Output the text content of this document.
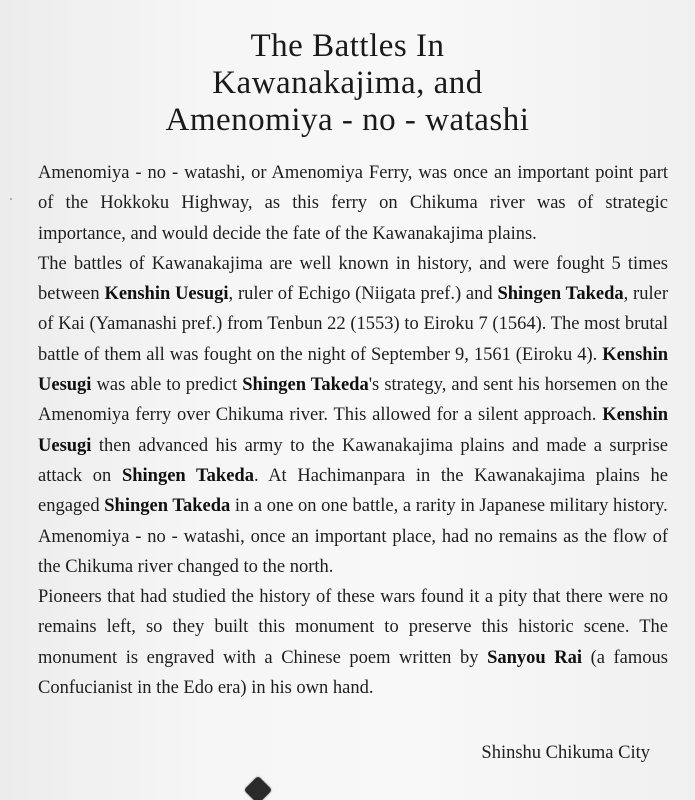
The Battles In
Kawanakajima, and
Amenomiya - no - watashi

Amenomiya - no - watashi, or Amenomiya Ferry, was once an important point part of the Hokkoku Highway, as this ferry on Chikuma river was of strategic importance, and would decide the fate of the Kawanakajima plains.

The battles of Kawanakajima are well known in history, and were fought 5 times between Kenshin Uesugi, ruler of Echigo (Niigata pref.) and Shingen Takeda, ruler of Kai (Yamanashi pref.) from Tenbun 22 (1553) to Eiroku 7 (1564). The most brutal battle of them all was fought on the night of September 9, 1561 (Eiroku 4). Kenshin Uesugi was able to predict Shingen Takeda's strategy, and sent his horsemen on the Amenomiya ferry over Chikuma river. This allowed for a silent approach. Kenshin Uesugi then advanced his army to the Kawanakajima plains and made a surprise attack on Shingen Takeda. At Hachimanpara in the Kawanakajima plains he engaged Shingen Takeda in a one on one battle, a rarity in Japanese military history.

Amenomiya - no - watashi, once an important place, had no remains as the flow of the Chikuma river changed to the north.

Pioneers that had studied the history of these wars found it a pity that there were no remains left, so they built this monument to preserve this historic scene. The monument is engraved with a Chinese poem written by Sanyou Rai (a famous Confucianist in the Edo era) in his own hand.

Shinshu Chikuma City
